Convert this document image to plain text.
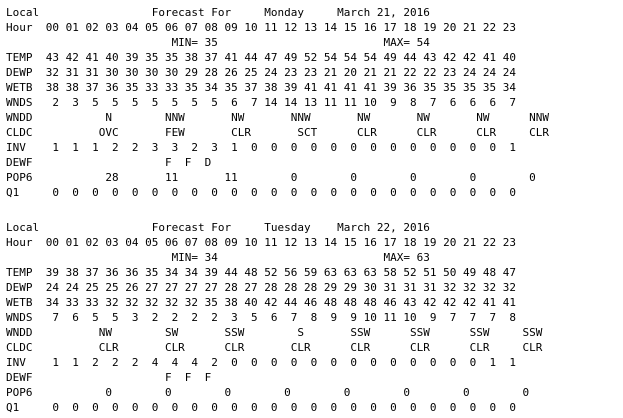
Local                 Forecast For     Monday     March 21, 2016
Hour  00 01 02 03 04 05 06 07 08 09 10 11 12 13 14 15 16 17 18 19 20 21 22 23
MIN= 35                         MAX= 54
TEMP  43 42 41 40 39 35 35 38 37 41 44 47 49 52 54 54 54 49 44 43 42 42 41 40
DEWP  32 31 31 30 30 30 30 29 28 26 25 24 23 23 21 20 21 21 22 22 23 24 24 24
WETB  38 38 37 36 35 33 33 35 34 35 37 38 39 41 41 41 41 39 36 35 35 35 35 34
WNDS   2  3  5  5  5  5  5  5  5  6  7 14 14 13 11 11 10  9  8  7  6  6  6  7
WNDD           N        NNW       NW       NNW       NW       NW       NW      NNW
CLDC          OVC       FEW       CLR       SCT      CLR      CLR      CLR     CLR
INV    1  1  1  2  2  3  3  2  3  1  0  0  0  0  0  0  0  0  0  0  0  0  0  1
DEWF                    F  F  D
POP6           28       11       11        0        0        0        0        0
Q1     0  0  0  0  0  0  0  0  0  0  0  0  0  0  0  0  0  0  0  0  0  0  0  0
Local                 Forecast For     Tuesday    March 22, 2016
Hour  00 01 02 03 04 05 06 07 08 09 10 11 12 13 14 15 16 17 18 19 20 21 22 23
MIN= 34                         MAX= 63
TEMP  39 38 37 36 36 35 34 34 39 44 48 52 56 59 63 63 63 58 52 51 50 49 48 47
DEWP  24 24 25 25 26 27 27 27 27 28 27 28 28 28 29 29 30 31 31 31 32 32 32 32
WETB  34 33 33 32 32 32 32 32 35 38 40 42 44 46 48 48 48 46 43 42 42 42 41 41
WNDS   7  6  5  5  3  2  2  2  2  3  5  6  7  8  9  9 10 11 10  9  7  7  7  8
WNDD          NW        SW       SSW        S       SSW      SSW      SSW     SSW
CLDC          CLR       CLR      CLR       CLR      CLR      CLR      CLR     CLR
INV    1  1  2  2  2  4  4  4  2  0  0  0  0  0  0  0  0  0  0  0  0  0  1  1
DEWF                    F  F  F
POP6           0        0        0        0        0        0        0        0
Q1     0  0  0  0  0  0  0  0  0  0  0  0  0  0  0  0  0  0  0  0  0  0  0  0
